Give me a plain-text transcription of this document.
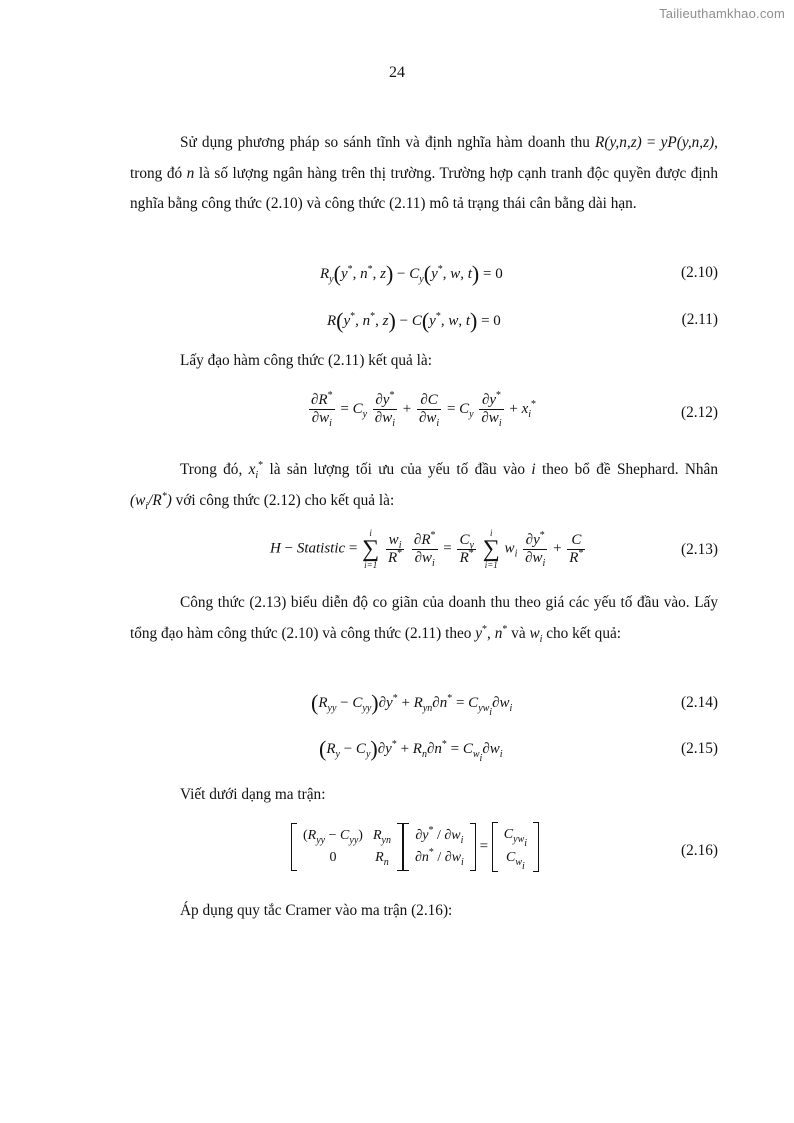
Tailieuthamkhao.com
24

Sử dụng phương pháp so sánh tĩnh và định nghĩa hàm doanh thu R(y,n,z) = yP(y,n,z), trong đó n là số lượng ngân hàng trên thị trường. Trường hợp cạnh tranh độc quyền được định nghĩa bằng công thức (2.10) và công thức (2.11) mô tả trạng thái cân bằng dài hạn.

$R_y(y^*$, n*, $z) - C_y(y^*$, w, t) = 0	(2.10)
R(y*, n*, z) − C(y*, w, t) = 0	(2.11)
Lấy đạo hàm công thức (2.11) kết quả là:
$\frac{\partial R^*}{\partial w_i} = C_y \frac{\partial y^*}{\partial w_i} + \frac{\partial C}{\partial w_i} = C_y \frac{\partial y^*}{\partial w_i} + x_i^*$	(2.12)

Trong đó, $x_i^*$ là sản lượng tối ưu của yếu tố đầu vào i theo bổ đề Shephard. Nhân $(w_i/R^*)$ với công thức (2.12) cho kết quả là:

H − Statistic =
i
∑
i=1
$\frac{w_i}{R^*}$
$\frac{\partial R^*}{\partial w_i} = \frac{C_y}{R^*}$
	i
∑
i=1
$w_i \frac{\partial y^*}{\partial w_i} + \frac{C}{R^*}$	(2.13)

Công thức (2.13) biểu diễn độ co giãn của doanh thu theo giá các yếu tố đầu vào. Lấy tổng đạo hàm công thức (2.10) và công thức (2.11) theo y*, n* và $w_i$ cho kết quả:

$(R_{yy} - C_{yy})\partial y^* + R_{yn}\partial n^* = C_{yw_i}\partial w_i$	(2.14)
$(R_y - C_y)\partial y^* + R_n\partial n^* = C_{w_i}\partial w_i$	(2.15)
Viết dưới dạng ma trận:
$(R_{yy} - C_{yy})$	$R_{yn}$
0	$R_n$
$\partial y^* / \partial w_i$
$\partial n^* / \partial w_i$
=
$C_{yw_i}$
$C_{w_i}$
(2.16)
Áp dụng quy tắc Cramer vào ma trận (2.16):
